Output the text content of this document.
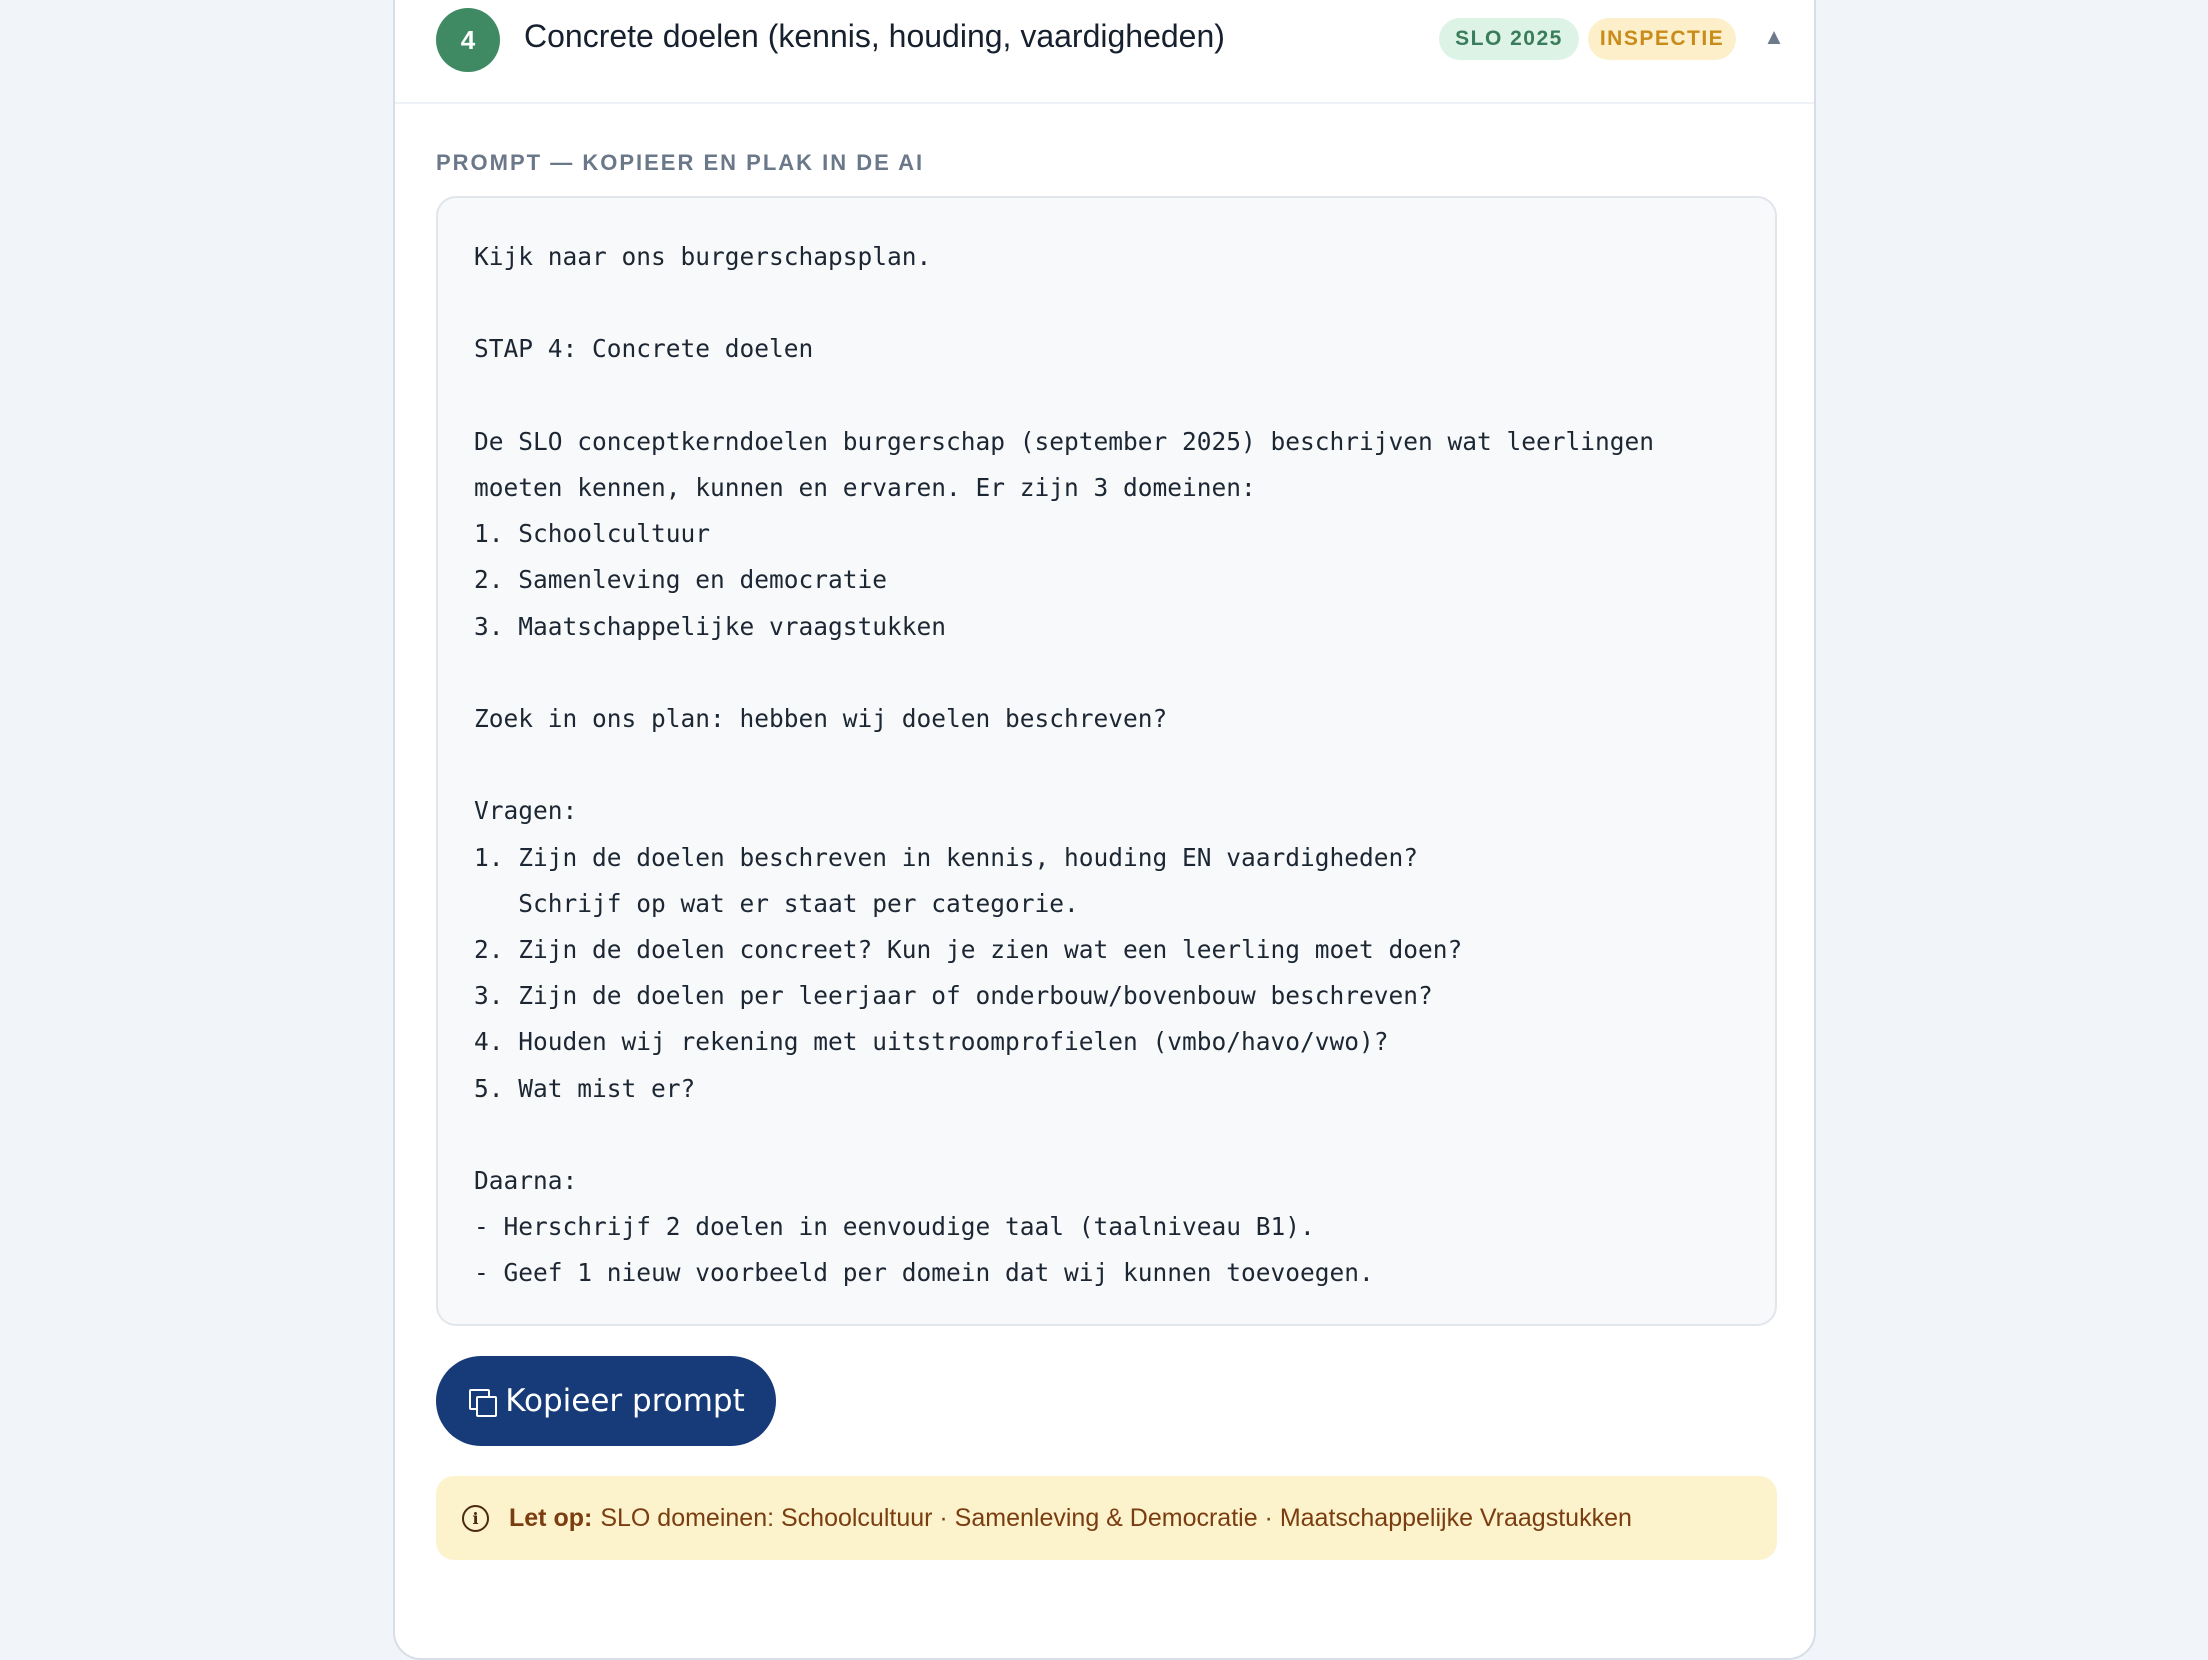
4	Concrete doelen (kennis, houding, vaardigheden)	SLO 2025	INSPECTIE	▲
PROMPT — KOPIEER EN PLAK IN DE AI
Kijk naar ons burgerschapsplan.

STAP 4: Concrete doelen

De SLO conceptkerndoelen burgerschap (september 2025) beschrijven wat leerlingen
moeten kennen, kunnen en ervaren. Er zijn 3 domeinen:
1. Schoolcultuur
2. Samenleving en democratie
3. Maatschappelijke vraagstukken

Zoek in ons plan: hebben wij doelen beschreven?

Vragen:
1. Zijn de doelen beschreven in kennis, houding EN vaardigheden?
Schrijf op wat er staat per categorie.
2. Zijn de doelen concreet? Kun je zien wat een leerling moet doen?
3. Zijn de doelen per leerjaar of onderbouw/bovenbouw beschreven?
4. Houden wij rekening met uitstroomprofielen (vmbo/havo/vwo)?
5. Wat mist er?

Daarna:
- Herschrijf 2 doelen in eenvoudige taal (taalniveau B1).
- Geef 1 nieuw voorbeeld per domein dat wij kunnen toevoegen.
Kopieer prompt
i	Let op: SLO domeinen: Schoolcultuur · Samenleving & Democratie · Maatschappelijke Vraagstukken
